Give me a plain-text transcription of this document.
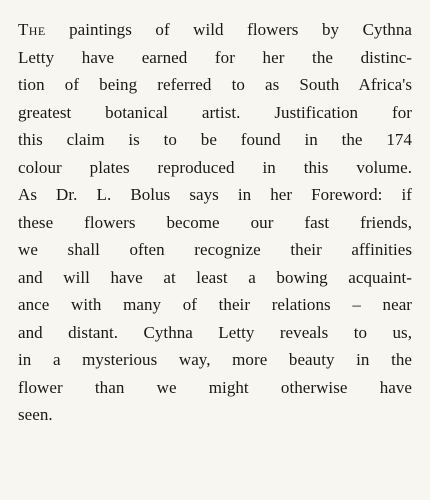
The paintings of wild flowers by Cythna
Letty have earned for her the distinc-
tion of being referred to as South Africa's
greatest botanical artist. Justification for
this claim is to be found in the 174
colour plates reproduced in this volume.
As Dr. L. Bolus says in her Foreword: if
these flowers become our fast friends,
we shall often recognize their affinities
and will have at least a bowing acquaint-
ance with many of their relations – near
and distant. Cythna Letty reveals to us,
in a mysterious way, more beauty in the
flower than we might otherwise have
seen.
